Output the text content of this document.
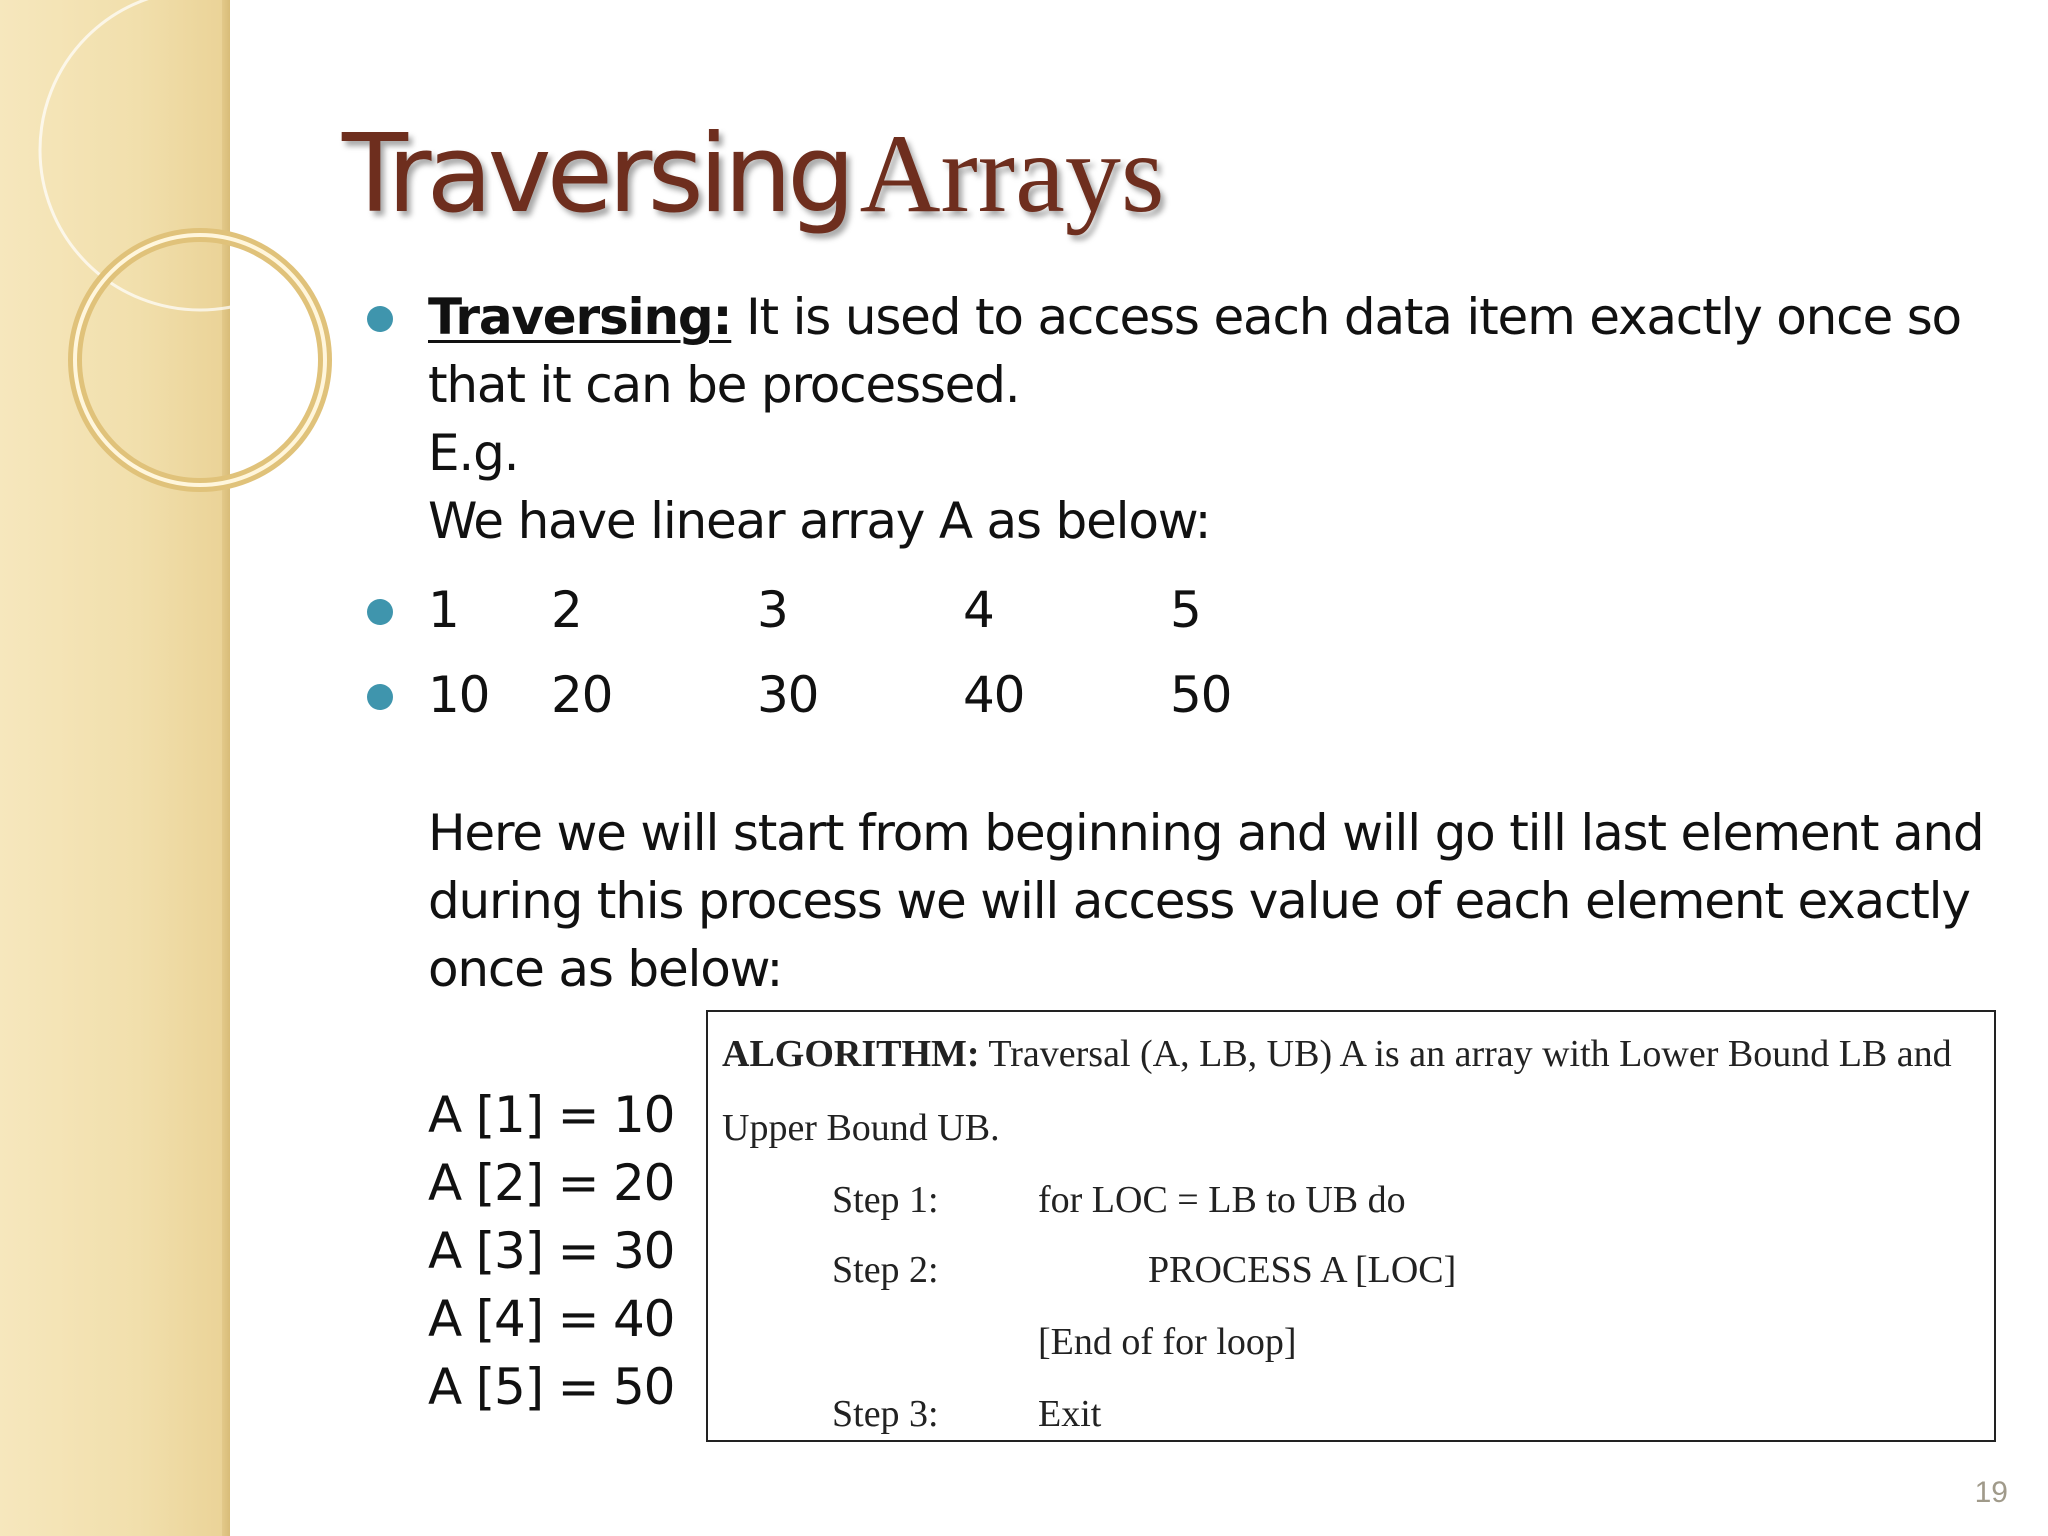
Traversing Arrays
Traversing: It is used to access each data item exactly once so
that it can be processed.
E.g.
We have linear array A as below:
1 2	3	4	5
10 20	30	40	50
Here we will start from beginning and will go till last element and
during this process we will access value of each element exactly
once as below:
A [1] = 10
A [2] = 20
A [3] = 30
A [4] = 40
A [5] = 50
ALGORITHM: Traversal (A, LB, UB) A is an array with Lower Bound LB and
Upper Bound UB.
Step 1:	for LOC = LB to UB do
Step 2:	PROCESS A [LOC]
[End of for loop]
Step 3:	Exit
19
